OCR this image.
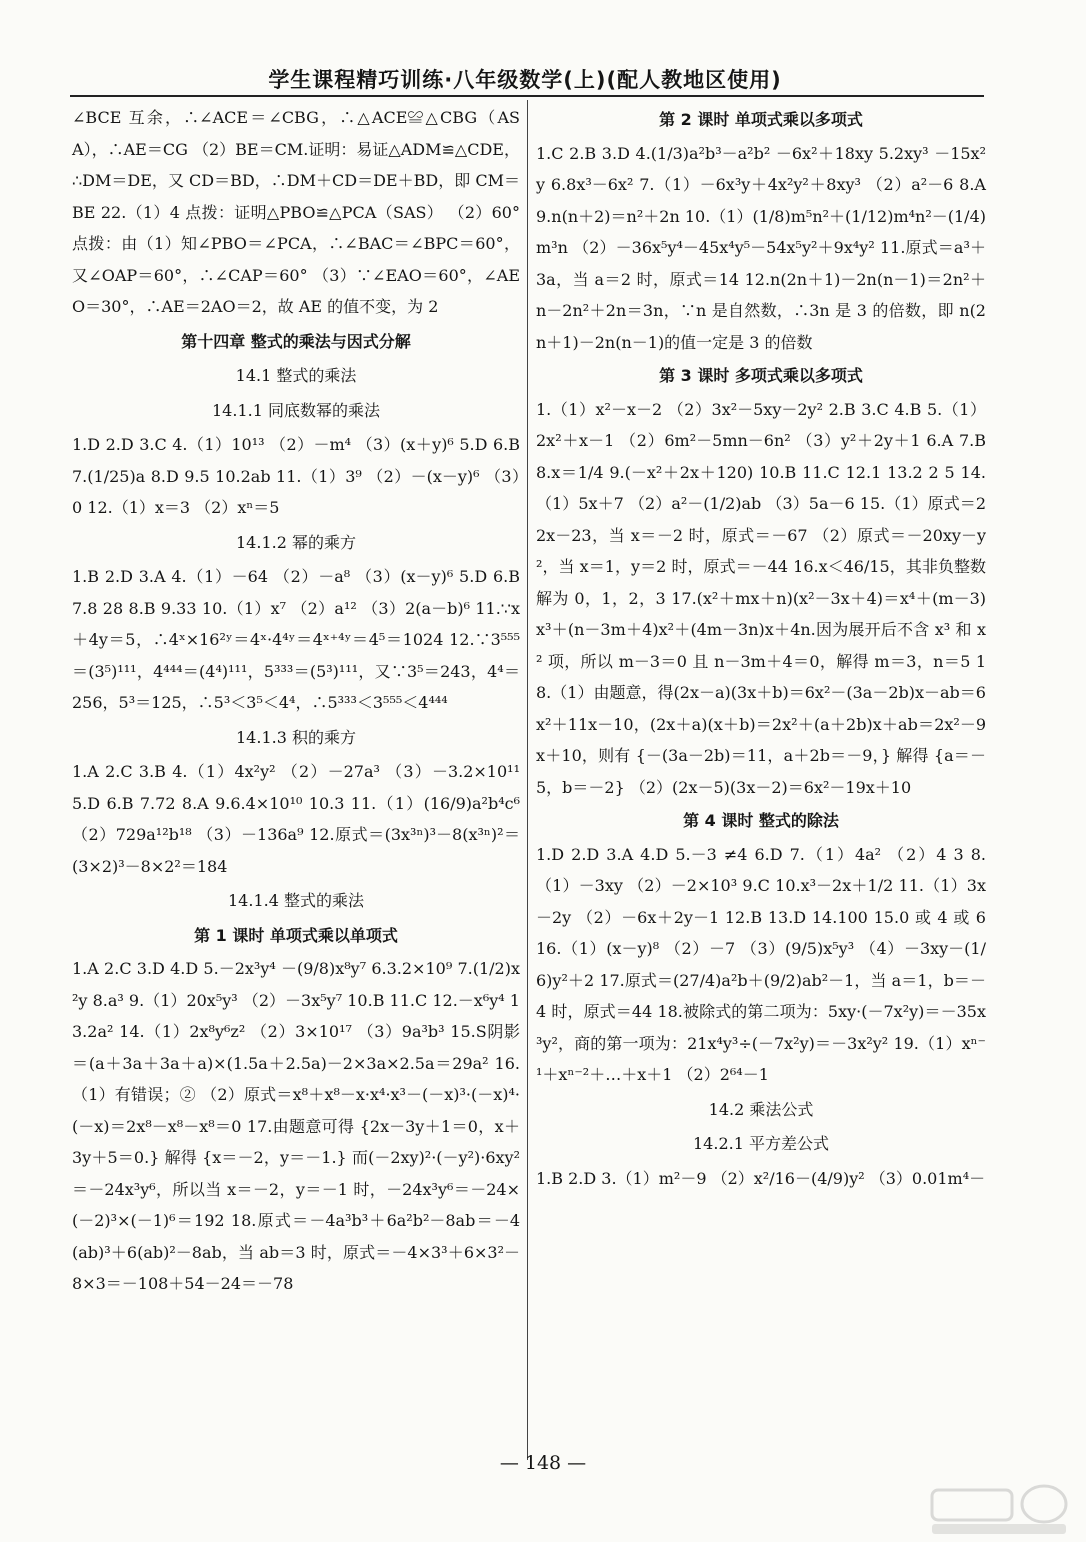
学生课程精巧训练·八年级数学(上)(配人教地区使用)

∠BCE 互余，∴∠ACE＝∠CBG，∴△ACE≌△CBG（ASA），∴AE＝CG （2）BE＝CM.证明：易证△ADM≌△CDE，∴DM＝DE，又 CD＝BD，∴DM＋CD＝DE＋BD，即 CM＝BE 22.（1）4 点拨：证明△PBO≌△PCA（SAS） （2）60° 点拨：由（1）知∠PBO＝∠PCA，∴∠BAC＝∠BPC＝60°，又∠OAP＝60°，∴∠CAP＝60° （3）∵∠EAO＝60°，∠AEO＝30°，∴AE＝2AO＝2，故 AE 的值不变，为 2

第十四章 整式的乘法与因式分解
14.1 整式的乘法
14.1.1 同底数幂的乘法

1.D 2.D 3.C 4.（1）10¹³ （2）－m⁴ （3）(x＋y)⁶ 5.D 6.B 7.(1/25)a 8.D 9.5 10.2ab 11.（1）3⁹ （2）－(x－y)⁶ （3）0 12.（1）x＝3 （2）xⁿ＝5

14.1.2 幂的乘方

1.B 2.D 3.A 4.（1）－64 （2）－a⁸ （3）(x－y)⁶ 5.D 6.B 7.8 28 8.B 9.33 10.（1）x⁷ （2）a¹² （3）2(a－b)⁶ 11.∵x＋4y＝5，∴4ˣ×16²ʸ＝4ˣ·4⁴ʸ＝4ˣ⁺⁴ʸ＝4⁵＝1024 12.∵3⁵⁵⁵＝(3⁵)¹¹¹，4⁴⁴⁴＝(4⁴)¹¹¹，5³³³＝(5³)¹¹¹，又∵3⁵＝243，4⁴＝256，5³＝125，∴5³＜3⁵＜4⁴，∴5³³³＜3⁵⁵⁵＜4⁴⁴⁴

14.1.3 积的乘方

1.A 2.C 3.B 4.（1）4x²y² （2）－27a³ （3）－3.2×10¹¹ 5.D 6.B 7.72 8.A 9.6.4×10¹⁰ 10.3 11.（1）(16/9)a²b⁴c⁶ （2）729a¹²b¹⁸ （3）－136a⁹ 12.原式＝(3x³ⁿ)³－8(x³ⁿ)²＝(3×2)³－8×2²＝184

14.1.4 整式的乘法
第 1 课时 单项式乘以单项式

1.A 2.C 3.D 4.D 5.－2x³y⁴ －(9/8)x⁸y⁷ 6.3.2×10⁹ 7.(1/2)x²y 8.a³ 9.（1）20x⁵y³ （2）－3x⁵y⁷ 10.B 11.C 12.－x⁶y⁴ 13.2a² 14.（1）2x⁸y⁶z² （2）3×10¹⁷ （3）9a³b³ 15.S阴影＝(a＋3a＋3a＋a)×(1.5a＋2.5a)－2×3a×2.5a＝29a² 16.（1）有错误；② （2）原式＝x⁸＋x⁸－x·x⁴·x³－(－x)³·(－x)⁴·(－x)＝2x⁸－x⁸－x⁸＝0 17.由题意可得 {2x－3y＋1＝0，x＋3y＋5＝0.} 解得 {x＝－2，y＝－1.} 而(－2xy)²·(－y²)·6xy²＝－24x³y⁶，所以当 x＝－2，y＝－1 时，－24x³y⁶＝－24×(－2)³×(－1)⁶＝192 18.原式＝－4a³b³＋6a²b²－8ab＝－4(ab)³＋6(ab)²－8ab，当 ab＝3 时，原式＝－4×3³＋6×3²－8×3＝－108＋54－24＝－78

第 2 课时 单项式乘以多项式

1.C 2.B 3.D 4.(1/3)a²b³－a²b² －6x²＋18xy 5.2xy³ －15x²y 6.8x³－6x² 7.（1）－6x³y＋4x²y²＋8xy³ （2）a²－6 8.A 9.n(n＋2)＝n²＋2n 10.（1）(1/8)m⁵n²＋(1/12)m⁴n²－(1/4)m³n （2）－36x⁵y⁴－45x⁴y⁵－54x⁵y²＋9x⁴y² 11.原式＝a³＋3a，当 a＝2 时，原式＝14 12.n(2n＋1)－2n(n－1)＝2n²＋n－2n²＋2n＝3n，∵n 是自然数，∴3n 是 3 的倍数，即 n(2n＋1)－2n(n－1)的值一定是 3 的倍数

第 3 课时 多项式乘以多项式

1.（1）x²－x－2 （2）3x²－5xy－2y² 2.B 3.C 4.B 5.（1）2x²＋x－1 （2）6m²－5mn－6n² （3）y²＋2y＋1 6.A 7.B 8.x＝1/4 9.(－x²＋2x＋120) 10.B 11.C 12.1 13.2 2 5 14.（1）5x＋7 （2）a²－(1/2)ab （3）5a－6 15.（1）原式＝22x－23，当 x＝－2 时，原式＝－67 （2）原式＝－20xy－y²，当 x＝1，y＝2 时，原式＝－44 16.x＜46/15，其非负整数解为 0，1，2，3 17.(x²＋mx＋n)(x²－3x＋4)＝x⁴＋(m－3)x³＋(n－3m＋4)x²＋(4m－3n)x＋4n.因为展开后不含 x³ 和 x² 项，所以 m－3＝0 且 n－3m＋4＝0，解得 m＝3，n＝5 18.（1）由题意，得(2x－a)(3x＋b)＝6x²－(3a－2b)x－ab＝6x²＋11x－10，(2x＋a)(x＋b)＝2x²＋(a＋2b)x＋ab＝2x²－9x＋10，则有 {－(3a－2b)＝11，a＋2b＝－9，} 解得 {a＝－5，b＝－2} （2）(2x－5)(3x－2)＝6x²－19x＋10

第 4 课时 整式的除法

1.D 2.D 3.A 4.D 5.－3 ≠4 6.D 7.（1）4a² （2）4 3 8.（1）－3xy （2）－2×10³ 9.C 10.x³－2x＋1/2 11.（1）3x－2y （2）－6x＋2y－1 12.B 13.D 14.100 15.0 或 4 或 6 16.（1）(x－y)⁸ （2）－7 （3）(9/5)x⁵y³ （4）－3xy－(1/6)y²＋2 17.原式＝(27/4)a²b＋(9/2)ab²－1，当 a＝1，b＝－4 时，原式＝44 18.被除式的第二项为：5xy·(－7x²y)＝－35x³y²，商的第一项为：21x⁴y³÷(－7x²y)＝－3x²y² 19.（1）xⁿ⁻¹＋xⁿ⁻²＋…＋x＋1 （2）2⁶⁴－1

14.2 乘法公式
14.2.1 平方差公式

1.B 2.D 3.（1）m²－9 （2）x²/16－(4/9)y² （3）0.01m⁴－

— 148 —
